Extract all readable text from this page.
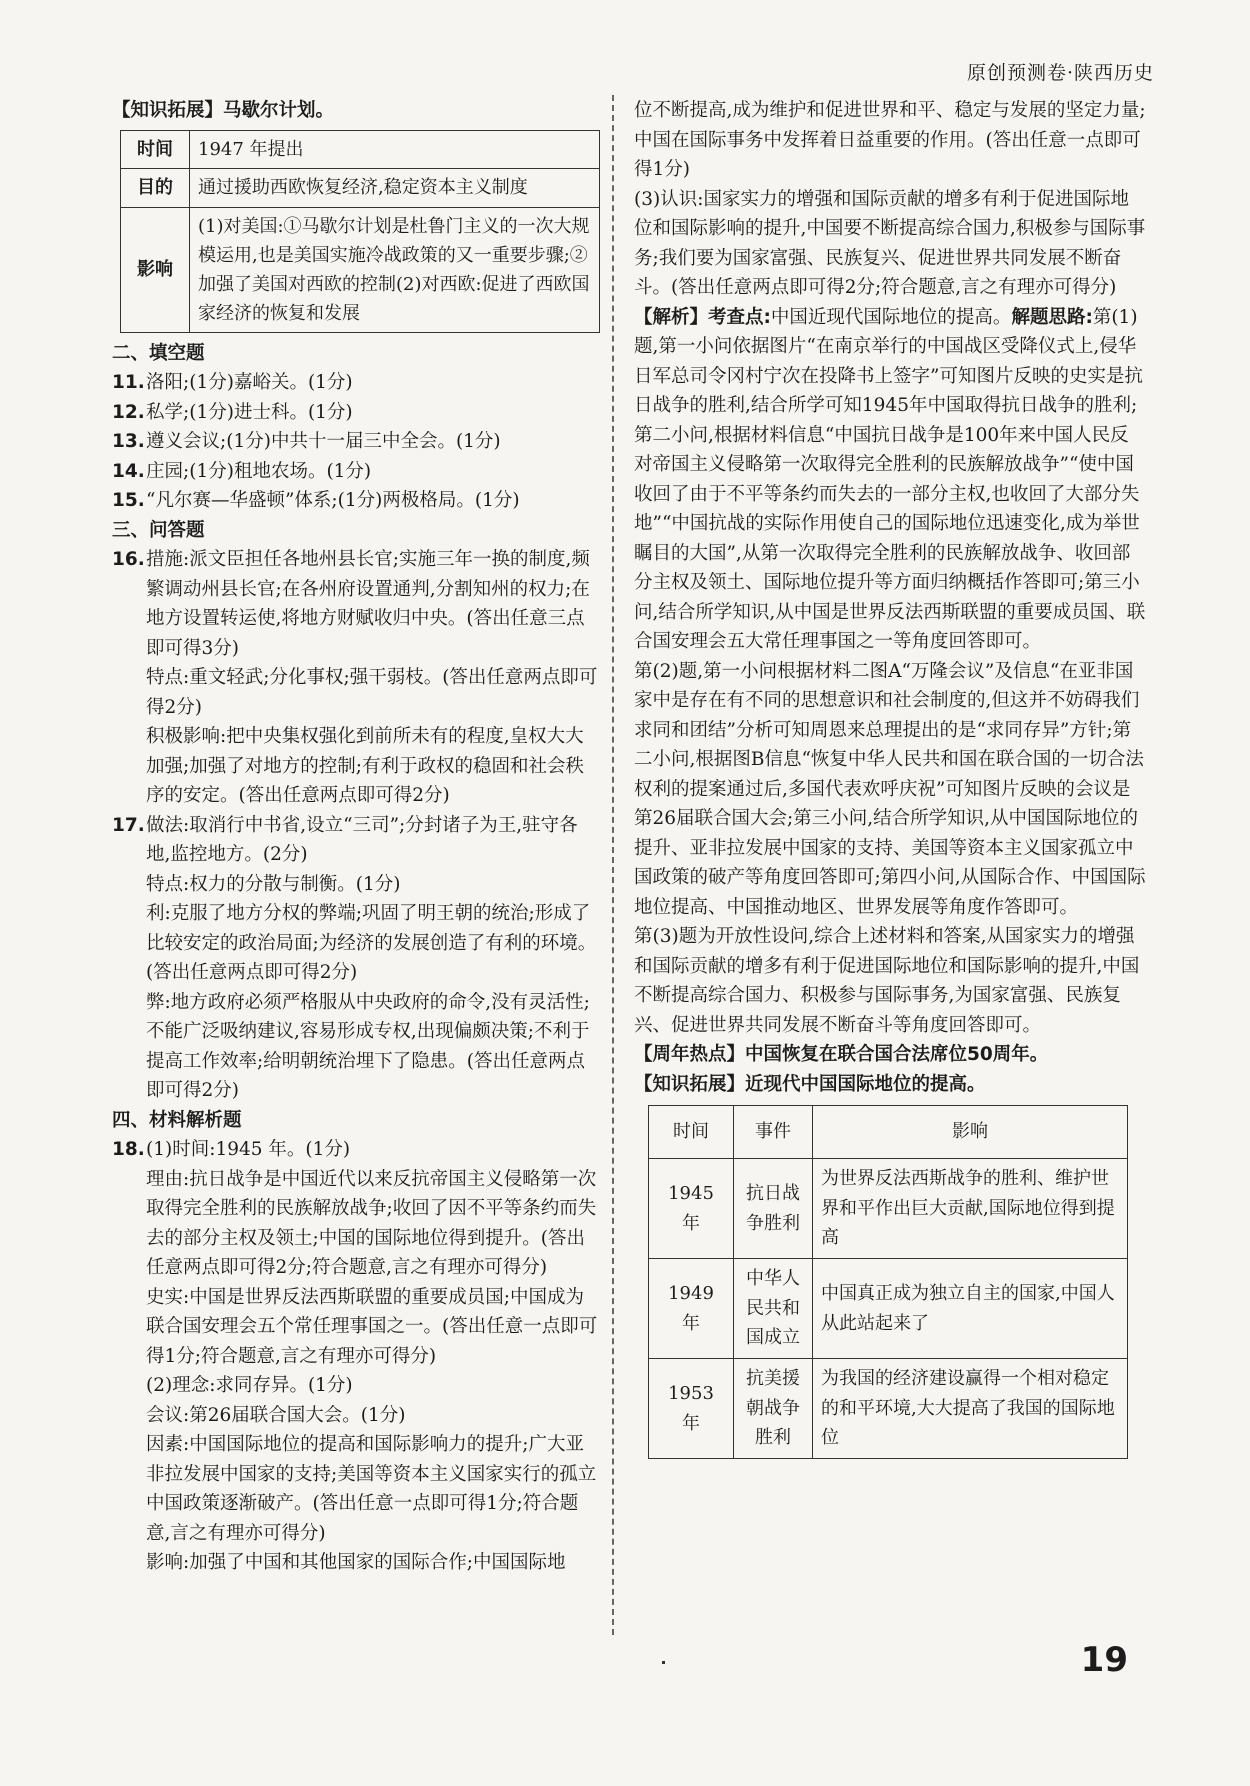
原创预测卷·陕西历史

【知识拓展】马歇尔计划。

时间	1947 年提出
目的	通过援助西欧恢复经济,稳定资本主义制度
影响	(1)对美国:①马歇尔计划是杜鲁门主义的一次大规模运用,也是美国实施冷战政策的又一重要步骤;②加强了美国对西欧的控制(2)对西欧:促进了西欧国家经济的恢复和发展

二、填空题

11.洛阳;(1分)嘉峪关。(1分)

12.私学;(1分)进士科。(1分)

13.遵义会议;(1分)中共十一届三中全会。(1分)

14.庄园;(1分)租地农场。(1分)

15.“凡尔赛—华盛顿”体系;(1分)两极格局。(1分)

三、问答题

16.措施:派文臣担任各地州县长官;实施三年一换的制度,频繁调动州县长官;在各州府设置通判,分割知州的权力;在地方设置转运使,将地方财赋收归中央。(答出任意三点即可得3分)

特点:重文轻武;分化事权;强干弱枝。(答出任意两点即可得2分)

积极影响:把中央集权强化到前所未有的程度,皇权大大加强;加强了对地方的控制;有利于政权的稳固和社会秩序的安定。(答出任意两点即可得2分)

17.做法:取消行中书省,设立“三司”;分封诸子为王,驻守各地,监控地方。(2分)

特点:权力的分散与制衡。(1分)

利:克服了地方分权的弊端;巩固了明王朝的统治;形成了比较安定的政治局面;为经济的发展创造了有利的环境。(答出任意两点即可得2分)

弊:地方政府必须严格服从中央政府的命令,没有灵活性;不能广泛吸纳建议,容易形成专权,出现偏颇决策;不利于提高工作效率;给明朝统治埋下了隐患。(答出任意两点即可得2分)

四、材料解析题

18.(1)时间:1945 年。(1分)

理由:抗日战争是中国近代以来反抗帝国主义侵略第一次取得完全胜利的民族解放战争;收回了因不平等条约而失去的部分主权及领土;中国的国际地位得到提升。(答出任意两点即可得2分;符合题意,言之有理亦可得分)

史实:中国是世界反法西斯联盟的重要成员国;中国成为联合国安理会五个常任理事国之一。(答出任意一点即可得1分;符合题意,言之有理亦可得分)

(2)理念:求同存异。(1分)

会议:第26届联合国大会。(1分)

因素:中国国际地位的提高和国际影响力的提升;广大亚非拉发展中国家的支持;美国等资本主义国家实行的孤立中国政策逐渐破产。(答出任意一点即可得1分;符合题意,言之有理亦可得分)

影响:加强了中国和其他国家的国际合作;中国国际地

位不断提高,成为维护和促进世界和平、稳定与发展的坚定力量;中国在国际事务中发挥着日益重要的作用。(答出任意一点即可得1分)

(3)认识:国家实力的增强和国际贡献的增多有利于促进国际地位和国际影响的提升,中国要不断提高综合国力,积极参与国际事务;我们要为国家富强、民族复兴、促进世界共同发展不断奋斗。(答出任意两点即可得2分;符合题意,言之有理亦可得分)

【解析】考查点:中国近现代国际地位的提高。解题思路:第(1)题,第一小问依据图片“在南京举行的中国战区受降仪式上,侵华日军总司令冈村宁次在投降书上签字”可知图片反映的史实是抗日战争的胜利,结合所学可知1945年中国取得抗日战争的胜利;第二小问,根据材料信息“中国抗日战争是100年来中国人民反对帝国主义侵略第一次取得完全胜利的民族解放战争”“使中国收回了由于不平等条约而失去的一部分主权,也收回了大部分失地”“中国抗战的实际作用使自己的国际地位迅速变化,成为举世瞩目的大国”,从第一次取得完全胜利的民族解放战争、收回部分主权及领土、国际地位提升等方面归纳概括作答即可;第三小问,结合所学知识,从中国是世界反法西斯联盟的重要成员国、联合国安理会五大常任理事国之一等角度回答即可。

第(2)题,第一小问根据材料二图A“万隆会议”及信息“在亚非国家中是存在有不同的思想意识和社会制度的,但这并不妨碍我们求同和团结”分析可知周恩来总理提出的是“求同存异”方针;第二小问,根据图B信息“恢复中华人民共和国在联合国的一切合法权利的提案通过后,多国代表欢呼庆祝”可知图片反映的会议是第26届联合国大会;第三小问,结合所学知识,从中国国际地位的提升、亚非拉发展中国家的支持、美国等资本主义国家孤立中国政策的破产等角度回答即可;第四小问,从国际合作、中国国际地位提高、中国推动地区、世界发展等角度作答即可。

第(3)题为开放性设问,综合上述材料和答案,从国家实力的增强和国际贡献的增多有利于促进国际地位和国际影响的提升,中国不断提高综合国力、积极参与国际事务,为国家富强、民族复兴、促进世界共同发展不断奋斗等角度回答即可。

【周年热点】中国恢复在联合国合法席位50周年。

【知识拓展】近现代中国国际地位的提高。

时间	事件	影响
1945 年	抗日战争胜利	为世界反法西斯战争的胜利、维护世界和平作出巨大贡献,国际地位得到提高
1949 年	中华人民共和国成立	中国真正成为独立自主的国家,中国人从此站起来了
1953 年	抗美援朝战争胜利	为我国的经济建设赢得一个相对稳定的和平环境,大大提高了我国的国际地位
19
